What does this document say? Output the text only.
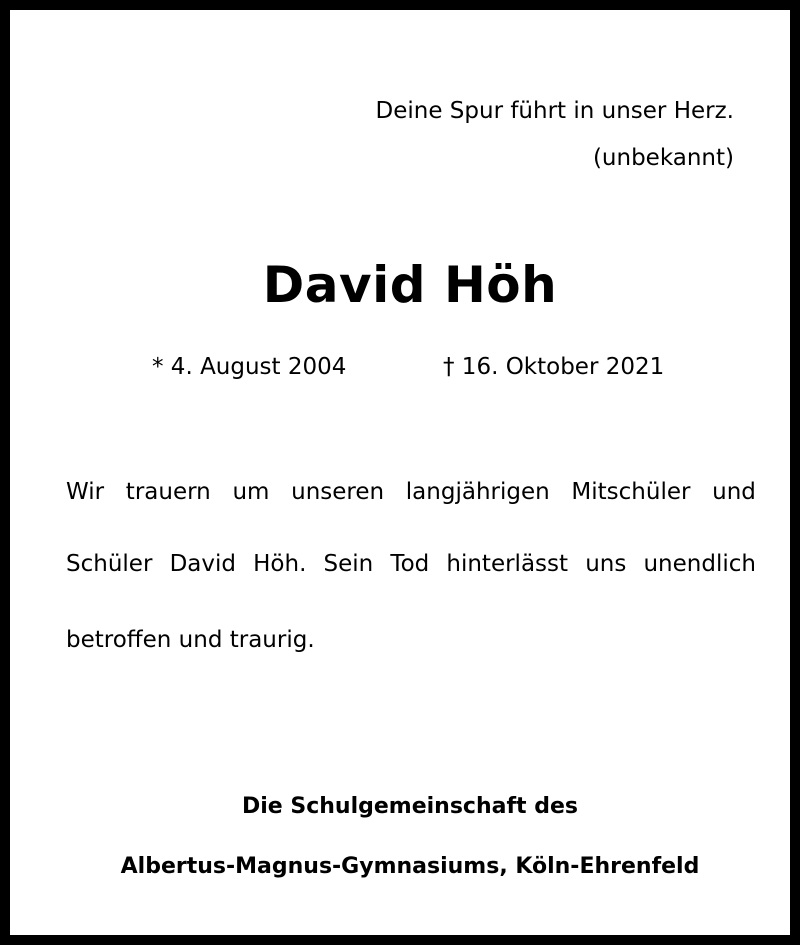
Deine Spur führt in unser Herz.
(unbekannt)
David Höh
* 4. August 2004	† 16. Oktober 2021
Wir trauern um unseren langjährigen Mitschüler und
Schüler David Höh. Sein Tod hinterlässt uns unendlich
betroffen und traurig.
Die Schulgemeinschaft des
Albertus-Magnus-Gymnasiums, Köln-Ehrenfeld
